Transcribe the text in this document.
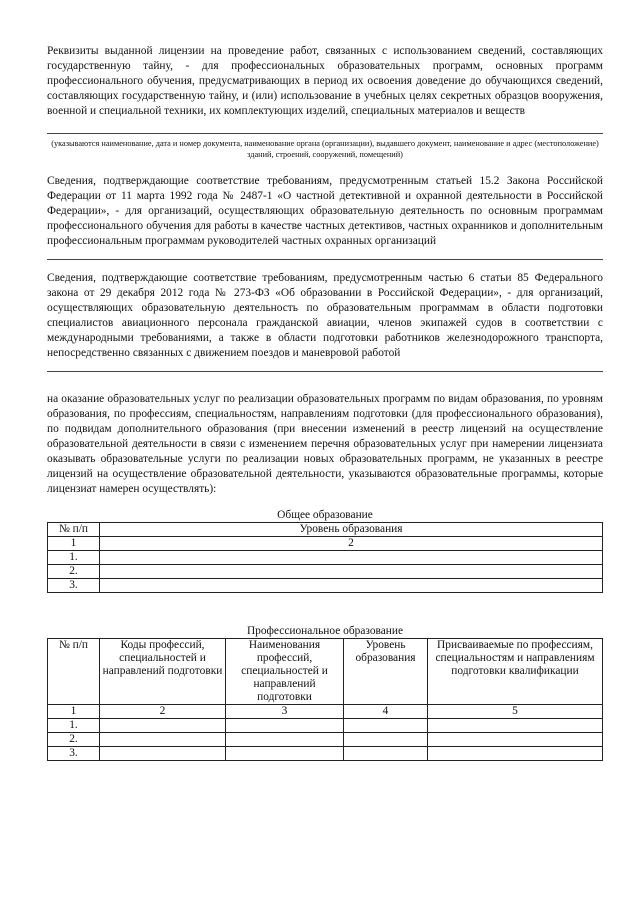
Реквизиты выданной лицензии на проведение работ, связанных с использованием сведений, составляющих государственную тайну, - для профессиональных образовательных программ, основных программ профессионального обучения, предусматривающих в период их освоения доведение до обучающихся сведений, составляющих государственную тайну, и (или) использование в учебных целях секретных образцов вооружения, военной и специальной техники, их комплектующих изделий, специальных материалов и веществ

(указываются наименование, дата и номер документа, наименование органа (организации), выдавшего документ, наименование и адрес (местоположение) зданий, строений, сооружений, помещений)

Сведения, подтверждающие соответствие требованиям, предусмотренным статьей 15.2 Закона Российской Федерации от 11 марта 1992 года № 2487-1 «О частной детективной и охранной деятельности в Российской Федерации», - для организаций, осуществляющих образовательную деятельность по основным программам профессионального обучения для работы в качестве частных детективов, частных охранников и дополнительным профессиональным программам руководителей частных охранных организаций

Сведения, подтверждающие соответствие требованиям, предусмотренным частью 6 статьи 85 Федерального закона от 29 декабря 2012 года № 273-ФЗ «Об образовании в Российской Федерации», - для организаций, осуществляющих образовательную деятельность по образовательным программам в области подготовки специалистов авиационного персонала гражданской авиации, членов экипажей судов в соответствии с международными требованиями, а также в области подготовки работников железнодорожного транспорта, непосредственно связанных с движением поездов и маневровой работой

на оказание образовательных услуг по реализации образовательных программ по видам образования, по уровням образования, по профессиям, специальностям, направлениям подготовки (для профессионального образования), по подвидам дополнительного образования (при внесении изменений в реестр лицензий на осуществление образовательной деятельности в связи с изменением перечня образовательных услуг при намерении лицензиата оказывать образовательные услуги по реализации новых образовательных программ, не указанных в реестре лицензий на осуществление образовательной деятельности, указываются образовательные программы, которые лицензиат намерен осуществлять):

Общее образование	
№ п/п	Уровень образования
1	2
1.	
2.	
3.	
Профессиональное образование				
№ п/п	Коды профессий, специальностей и направлений подготовки	Наименования профессий, специальностей и направлений подготовки	Уровень образования	Присваиваемые по профессиям, специальностям и направлениям подготовки квалификации
1	2	3	4	5
1.				
2.				
3.				
